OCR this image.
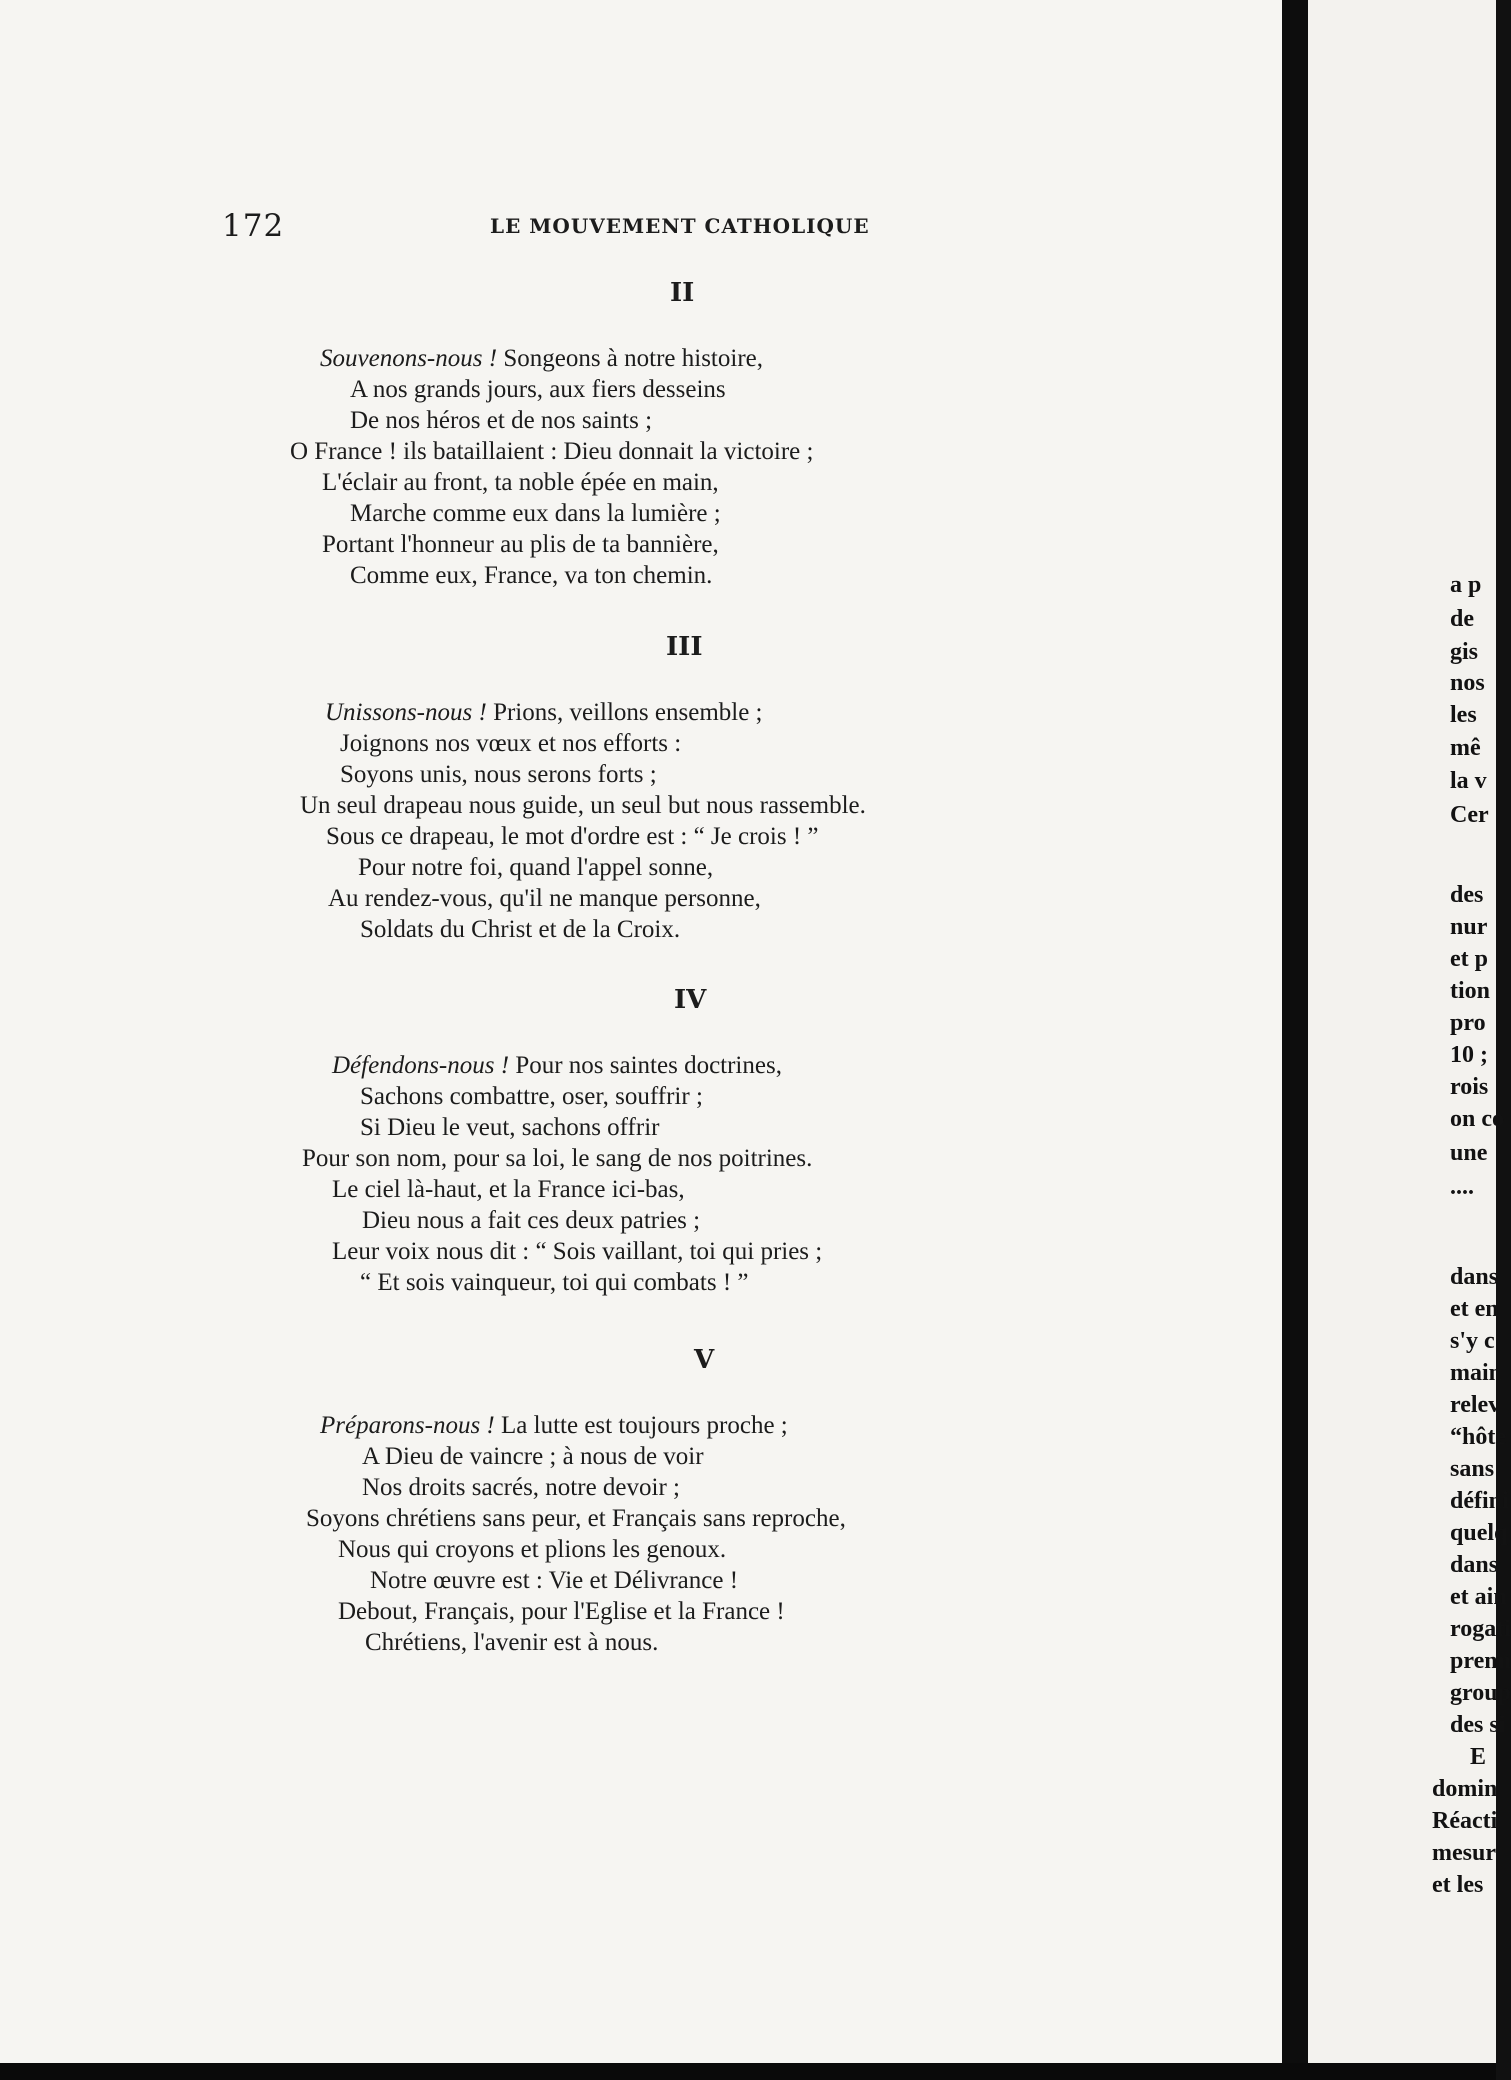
172	LE MOUVEMENT CATHOLIQUE
II
Souvenons-nous ! Songeons à notre histoire,
A nos grands jours, aux fiers desseins
De nos héros et de nos saints ;
O France ! ils bataillaient : Dieu donnait la victoire ;
L'éclair au front, ta noble épée en main,
Marche comme eux dans la lumière ;
Portant l'honneur au plis de ta bannière,
Comme eux, France, va ton chemin.
III
Unissons-nous ! Prions, veillons ensemble ;
Joignons nos vœux et nos efforts :
Soyons unis, nous serons forts ;
Un seul drapeau nous guide, un seul but nous rassemble.
Sous ce drapeau, le mot d'ordre est : “ Je crois ! ”
Pour notre foi, quand l'appel sonne,
Au rendez-vous, qu'il ne manque personne,
Soldats du Christ et de la Croix.
IV
Défendons-nous ! Pour nos saintes doctrines,
Sachons combattre, oser, souffrir ;
Si Dieu le veut, sachons offrir
Pour son nom, pour sa loi, le sang de nos poitrines.
Le ciel là-haut, et la France ici-bas,
Dieu nous a fait ces deux patries ;
Leur voix nous dit : “ Sois vaillant, toi qui pries ;
“ Et sois vainqueur, toi qui combats ! ”
V
Préparons-nous ! La lutte est toujours proche ;
A Dieu de vaincre ; à nous de voir
Nos droits sacrés, notre devoir ;
Soyons chrétiens sans peur, et Français sans reproche,
Nous qui croyons et plions les genoux.
Notre œuvre est : Vie et Délivrance !
Debout, Français, pour l'Eglise et la France !
Chrétiens, l'avenir est à nous.
a p
de
gis
nos
les
mê
la v
Cer
des
nur
et p
tion
pro
10 ;
rois
on co
une
....
dans
et en
s'y c
main
relev
“hôte
sans
défini
quelq
dans
et ain
rogati
prenn
group
des si
E
domin
Réacti
mesur
et les
